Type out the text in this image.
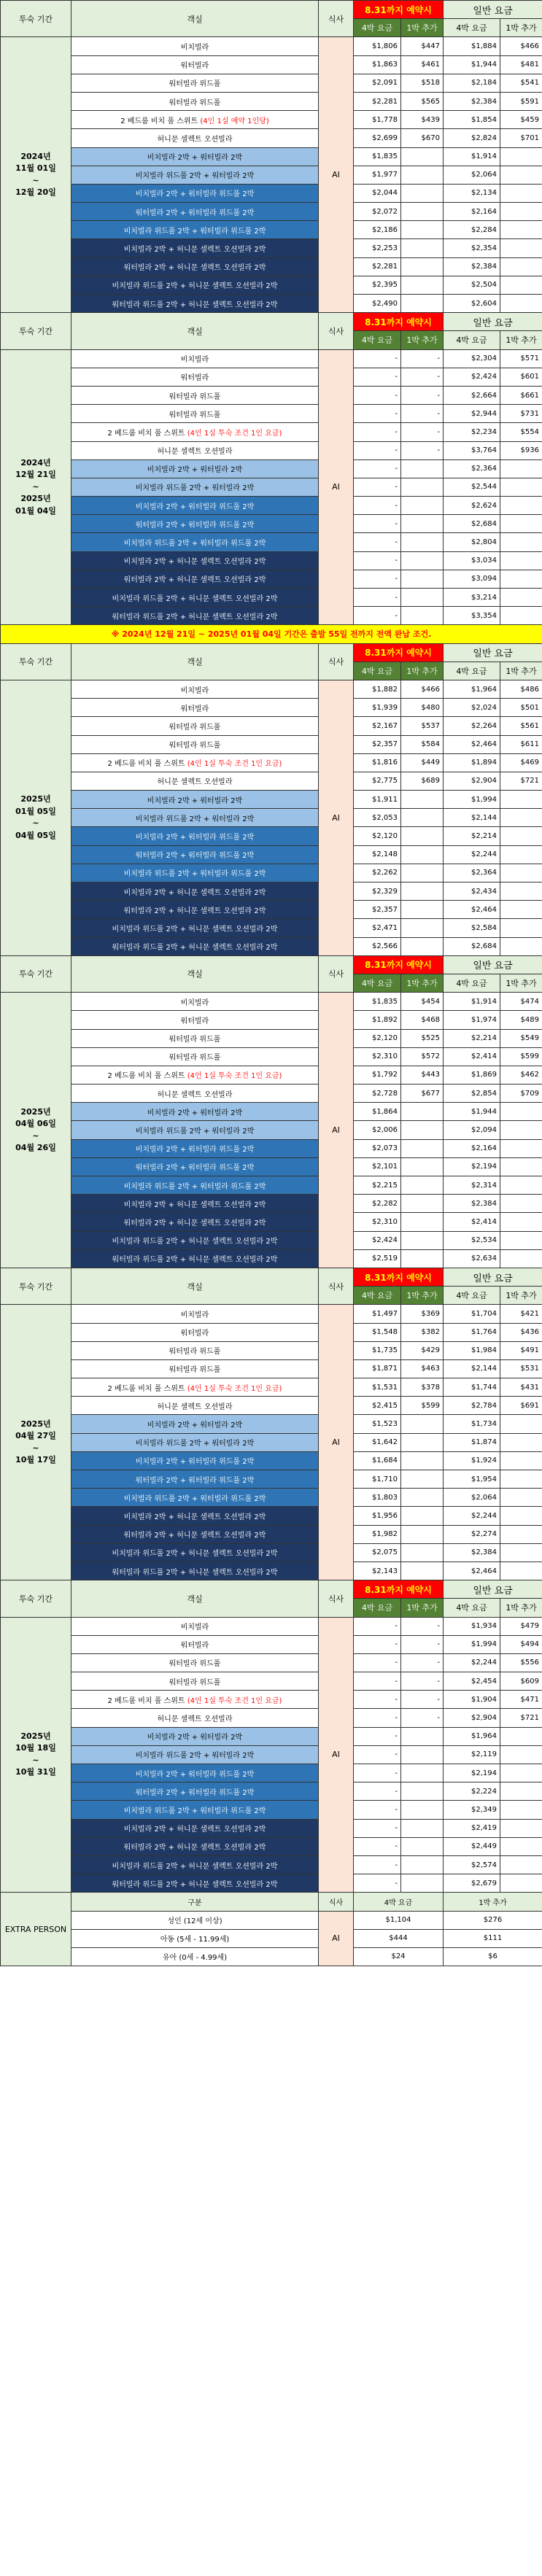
투숙 기간	객실	식사	8.31까지 예약시		일반 요금	
			4박 요금	1박 추가	4박 요금	1박 추가

2024년
11월 01일
~
12월 20일	비치빌라	AI	$1,806	$447	$1,884	$466
	워터빌라		$1,863	$461	$1,944	$481
	워터빌라 위드풀		$2,091	$518	$2,184	$541
	워터빌라 위드풀		$2,281	$565	$2,384	$591
	2 베드룸 비치 풀 스위트 (4인 1실 예약 1인당)		$1,778	$439	$1,854	$459
	허니문 셀렉트 오션빌라		$2,699	$670	$2,824	$701
	비치빌라 2박 + 워터빌라 2박		$1,835		$1,914	
	비치빌라 위드풀 2박 + 워터빌라 2박		$1,977		$2,064	
	비치빌라 2박 + 워터빌라 위드풀 2박		$2,044		$2,134	
	워터빌라 2박 + 워터빌라 위드풀 2박		$2,072		$2,164	
	비치빌라 위드풀 2박 + 워터빌라 위드풀 2박		$2,186		$2,284	
	비치빌라 2박 + 허니문 셀렉트 오션빌라 2박		$2,253		$2,354	
	워터빌라 2박 + 허니문 셀렉트 오션빌라 2박		$2,281		$2,384	
	비치빌라 위드풀 2박 + 허니문 셀렉트 오션빌라 2박		$2,395		$2,504	
	워터빌라 위드풀 2박 + 허니문 셀렉트 오션빌라 2박		$2,490		$2,604	
투숙 기간	객실	식사	8.31까지 예약시		일반 요금	
			4박 요금	1박 추가	4박 요금	1박 추가

2024년
12월 21일
~
2025년
01월 04일	비치빌라	AI	-	-	$2,304	$571
	워터빌라		-	-	$2,424	$601
	워터빌라 위드풀		-	-	$2,664	$661
	워터빌라 위드풀		-	-	$2,944	$731
	2 베드룸 비치 풀 스위트 (4인 1실 투숙 조건 1인 요금)		-	-	$2,234	$554
	허니문 셀렉트 오션빌라		-	-	$3,764	$936
	비치빌라 2박 + 워터빌라 2박		-		$2,364	
	비치빌라 위드풀 2박 + 워터빌라 2박		-		$2,544	
	비치빌라 2박 + 워터빌라 위드풀 2박		-		$2,624	
	워터빌라 2박 + 워터빌라 위드풀 2박		-		$2,684	
	비치빌라 위드풀 2박 + 워터빌라 위드풀 2박		-		$2,804	
	비치빌라 2박 + 허니문 셀렉트 오션빌라 2박		-		$3,034	
	워터빌라 2박 + 허니문 셀렉트 오션빌라 2박		-		$3,094	
	비치빌라 위드풀 2박 + 허니문 셀렉트 오션빌라 2박		-		$3,214	
	워터빌라 위드풀 2박 + 허니문 셀렉트 오션빌라 2박		-		$3,354	
※ 2024년 12월 21일 ~ 2025년 01월 04일 기간은 출발 55일 전까지 전액 완납 조건.						
투숙 기간	객실	식사	8.31까지 예약시		일반 요금	
			4박 요금	1박 추가	4박 요금	1박 추가

2025년
01월 05일
~
04월 05일	비치빌라	AI	$1,882	$466	$1,964	$486
	워터빌라		$1,939	$480	$2,024	$501
	워터빌라 위드풀		$2,167	$537	$2,264	$561
	워터빌라 위드풀		$2,357	$584	$2,464	$611
	2 베드룸 비치 풀 스위트 (4인 1실 투숙 조건 1인 요금)		$1,816	$449	$1,894	$469
	허니문 셀렉트 오션빌라		$2,775	$689	$2,904	$721
	비치빌라 2박 + 워터빌라 2박		$1,911		$1,994	
	비치빌라 위드풀 2박 + 워터빌라 2박		$2,053		$2,144	
	비치빌라 2박 + 워터빌라 위드풀 2박		$2,120		$2,214	
	워터빌라 2박 + 워터빌라 위드풀 2박		$2,148		$2,244	
	비치빌라 위드풀 2박 + 워터빌라 위드풀 2박		$2,262		$2,364	
	비치빌라 2박 + 허니문 셀렉트 오션빌라 2박		$2,329		$2,434	
	워터빌라 2박 + 허니문 셀렉트 오션빌라 2박		$2,357		$2,464	
	비치빌라 위드풀 2박 + 허니문 셀렉트 오션빌라 2박		$2,471		$2,584	
	워터빌라 위드풀 2박 + 허니문 셀렉트 오션빌라 2박		$2,566		$2,684	
투숙 기간	객실	식사	8.31까지 예약시		일반 요금	
			4박 요금	1박 추가	4박 요금	1박 추가

2025년
04월 06일
~
04월 26일	비치빌라	AI	$1,835	$454	$1,914	$474
	워터빌라		$1,892	$468	$1,974	$489
	워터빌라 위드풀		$2,120	$525	$2,214	$549
	워터빌라 위드풀		$2,310	$572	$2,414	$599
	2 베드룸 비치 풀 스위트 (4인 1실 투숙 조건 1인 요금)		$1,792	$443	$1,869	$462
	허니문 셀렉트 오션빌라		$2,728	$677	$2,854	$709
	비치빌라 2박 + 워터빌라 2박		$1,864		$1,944	
	비치빌라 위드풀 2박 + 워터빌라 2박		$2,006		$2,094	
	비치빌라 2박 + 워터빌라 위드풀 2박		$2,073		$2,164	
	워터빌라 2박 + 워터빌라 위드풀 2박		$2,101		$2,194	
	비치빌라 위드풀 2박 + 워터빌라 위드풀 2박		$2,215		$2,314	
	비치빌라 2박 + 허니문 셀렉트 오션빌라 2박		$2,282		$2,384	
	워터빌라 2박 + 허니문 셀렉트 오션빌라 2박		$2,310		$2,414	
	비치빌라 위드풀 2박 + 허니문 셀렉트 오션빌라 2박		$2,424		$2,534	
	워터빌라 위드풀 2박 + 허니문 셀렉트 오션빌라 2박		$2,519		$2,634	
투숙 기간	객실	식사	8.31까지 예약시		일반 요금	
			4박 요금	1박 추가	4박 요금	1박 추가

2025년
04월 27일
~
10월 17일	비치빌라	AI	$1,497	$369	$1,704	$421
	워터빌라		$1,548	$382	$1,764	$436
	워터빌라 위드풀		$1,735	$429	$1,984	$491
	워터빌라 위드풀		$1,871	$463	$2,144	$531
	2 베드룸 비치 풀 스위트 (4인 1실 투숙 조건 1인 요금)		$1,531	$378	$1,744	$431
	허니문 셀렉트 오션빌라		$2,415	$599	$2,784	$691
	비치빌라 2박 + 워터빌라 2박		$1,523		$1,734	
	비치빌라 위드풀 2박 + 워터빌라 2박		$1,642		$1,874	
	비치빌라 2박 + 워터빌라 위드풀 2박		$1,684		$1,924	
	워터빌라 2박 + 워터빌라 위드풀 2박		$1,710		$1,954	
	비치빌라 위드풀 2박 + 워터빌라 위드풀 2박		$1,803		$2,064	
	비치빌라 2박 + 허니문 셀렉트 오션빌라 2박		$1,956		$2,244	
	워터빌라 2박 + 허니문 셀렉트 오션빌라 2박		$1,982		$2,274	
	비치빌라 위드풀 2박 + 허니문 셀렉트 오션빌라 2박		$2,075		$2,384	
	워터빌라 위드풀 2박 + 허니문 셀렉트 오션빌라 2박		$2,143		$2,464	
투숙 기간	객실	식사	8.31까지 예약시		일반 요금	
			4박 요금	1박 추가	4박 요금	1박 추가

2025년
10월 18일
~
10월 31일	비치빌라	AI	-	-	$1,934	$479
	워터빌라		-	-	$1,994	$494
	워터빌라 위드풀		-	-	$2,244	$556
	워터빌라 위드풀		-	-	$2,454	$609
	2 베드룸 비치 풀 스위트 (4인 1실 투숙 조건 1인 요금)		-	-	$1,904	$471
	허니문 셀렉트 오션빌라		-	-	$2,904	$721
	비치빌라 2박 + 워터빌라 2박		-		$1,964	
	비치빌라 위드풀 2박 + 워터빌라 2박		-		$2,119	
	비치빌라 2박 + 워터빌라 위드풀 2박		-		$2,194	
	워터빌라 2박 + 워터빌라 위드풀 2박		-		$2,224	
	비치빌라 위드풀 2박 + 워터빌라 위드풀 2박		-		$2,349	
	비치빌라 2박 + 허니문 셀렉트 오션빌라 2박		-		$2,419	
	워터빌라 2박 + 허니문 셀렉트 오션빌라 2박		-		$2,449	
	비치빌라 위드풀 2박 + 허니문 셀렉트 오션빌라 2박		-		$2,574	
	워터빌라 위드풀 2박 + 허니문 셀렉트 오션빌라 2박		-		$2,679	
EXTRA PERSON	구분	식사	4박 요금		1박 추가	
	성인 (12세 이상)	AI	$1,104		$276	
	아동 (5세 - 11.99세)		$444		$111	
	유아 (0세 - 4.99세)		$24		$6	
